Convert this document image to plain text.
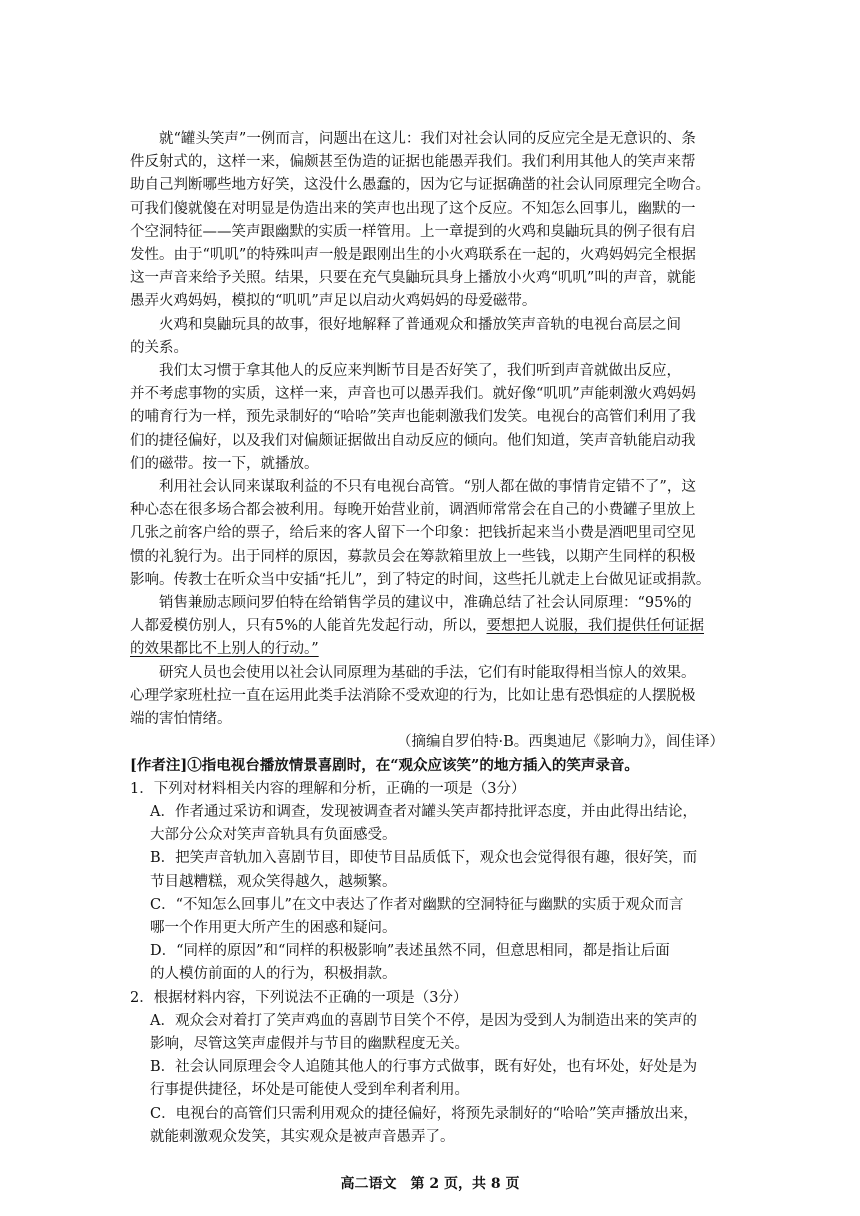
就“罐头笑声”一例而言，问题出在这儿：我们对社会认同的反应完全是无意识的、条
件反射式的，这样一来，偏颇甚至伪造的证据也能愚弄我们。我们利用其他人的笑声来帮
助自己判断哪些地方好笑，这没什么愚蠢的，因为它与证据确凿的社会认同原理完全吻合。
可我们傻就傻在对明显是伪造出来的笑声也出现了这个反应。不知怎么回事儿，幽默的一
个空洞特征——笑声跟幽默的实质一样管用。上一章提到的火鸡和臭鼬玩具的例子很有启
发性。由于“叽叽”的特殊叫声一般是跟刚出生的小火鸡联系在一起的，火鸡妈妈完全根据
这一声音来给予关照。结果，只要在充气臭鼬玩具身上播放小火鸡“叽叽”叫的声音，就能
愚弄火鸡妈妈，模拟的“叽叽”声足以启动火鸡妈妈的母爱磁带。
火鸡和臭鼬玩具的故事，很好地解释了普通观众和播放笑声音轨的电视台高层之间
的关系。
我们太习惯于拿其他人的反应来判断节目是否好笑了，我们听到声音就做出反应，
并不考虑事物的实质，这样一来，声音也可以愚弄我们。就好像“叽叽”声能刺激火鸡妈妈
的哺育行为一样，预先录制好的“哈哈”笑声也能刺激我们发笑。电视台的高管们利用了我
们的捷径偏好，以及我们对偏颇证据做出自动反应的倾向。他们知道，笑声音轨能启动我
们的磁带。按一下，就播放。
利用社会认同来谋取利益的不只有电视台高管。“别人都在做的事情肯定错不了”，这
种心态在很多场合都会被利用。每晚开始营业前，调酒师常常会在自己的小费罐子里放上
几张之前客户给的票子，给后来的客人留下一个印象：把钱折起来当小费是酒吧里司空见
惯的礼貌行为。出于同样的原因，募款员会在筹款箱里放上一些钱，以期产生同样的积极
影响。传教士在听众当中安插“托儿”，到了特定的时间，这些托儿就走上台做见证或捐款。
销售兼励志顾问罗伯特在给销售学员的建议中，准确总结了社会认同原理：“95%的
人都爱模仿别人，只有5%的人能首先发起行动，所以，要想把人说服，我们提供任何证据
的效果都比不上别人的行动。”
研究人员也会使用以社会认同原理为基础的手法，它们有时能取得相当惊人的效果。
心理学家班杜拉一直在运用此类手法消除不受欢迎的行为，比如让患有恐惧症的人摆脱极
端的害怕情绪。
（摘编自罗伯特·B。西奥迪尼《影响力》，闾佳译）
[作者注]①指电视台播放情景喜剧时，在“观众应该笑”的地方插入的笑声录音。
1．下列对材料相关内容的理解和分析，正确的一项是（3分）
A．作者通过采访和调查，发现被调查者对罐头笑声都持批评态度，并由此得出结论，
大部分公众对笑声音轨具有负面感受。
B．把笑声音轨加入喜剧节目，即使节目品质低下，观众也会觉得很有趣，很好笑，而
节目越糟糕，观众笑得越久，越频繁。
C．“不知怎么回事儿”在文中表达了作者对幽默的空洞特征与幽默的实质于观众而言
哪一个作用更大所产生的困惑和疑问。
D．“同样的原因”和“同样的积极影响”表述虽然不同，但意思相同，都是指让后面
的人模仿前面的人的行为，积极捐款。
2．根据材料内容，下列说法不正确的一项是（3分）
A．观众会对着打了笑声鸡血的喜剧节目笑个不停，是因为受到人为制造出来的笑声的
影响，尽管这笑声虚假并与节目的幽默程度无关。
B．社会认同原理会令人追随其他人的行事方式做事，既有好处，也有坏处，好处是为
行事提供捷径，坏处是可能使人受到牟利者利用。
C．电视台的高管们只需利用观众的捷径偏好，将预先录制好的“哈哈”笑声播放出来，
就能刺激观众发笑，其实观众是被声音愚弄了。
高二语文　第 2 页，共 8 页
